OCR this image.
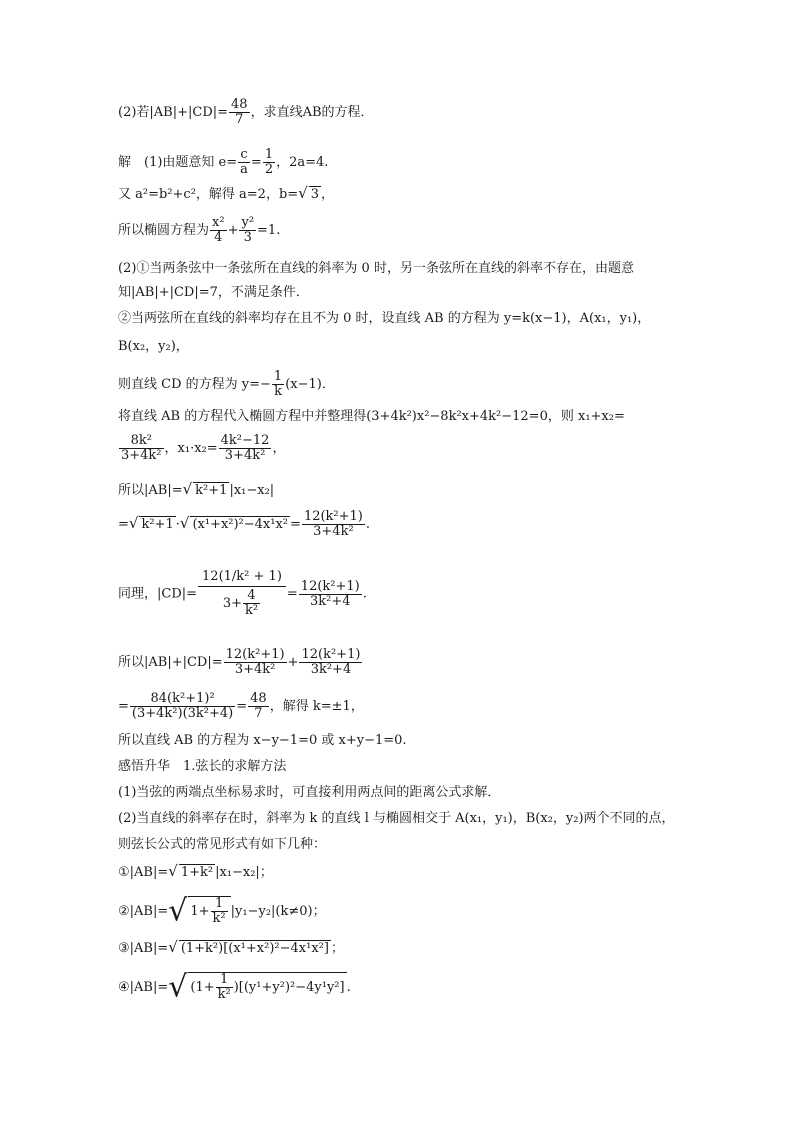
(2)若$|AB|+|CD|= \frac{48}{7}$ ，求直线AB的方程．
解　(1)由题意知 $e= \frac{c}{a} = \frac{1}{2}$ ，2a=4.
又 a²=b²+c²，解得 a=2，b=√ 3 ，
所以椭圆方程为 $\frac{\text{x²}}{4} + \frac{\text{y²}}{3} =1$.
(2)①当两条弦中一条弦所在直线的斜率为 0 时，另一条弦所在直线的斜率不存在，由题意
知|AB|+|CD|=7，不满足条件．
②当两弦所在直线的斜率均存在且不为 0 时，设直线 AB 的方程为 y=k(x−1)，A(x₁，y₁)，
B(x₂，y₂)，
则直线 CD 的方程为 $y=- \frac{1}{k} (x-1)$．
将直线 AB 的方程代入椭圆方程中并整理得(3+4k²)x²−8k²x+4k²−12=0，则 x₁+x₂=
$\frac{\text{8k²}}{\text{3+4k²}}$ ，$x_1\cdot x_2= \frac{\text{4k²−12}}{\text{3+4k²}}$ ，
所以|AB|=√ k²+1 |x₁−x₂|
=√ k²+1 ·√ $(x^1+x^2)^2-4x^1x^2 = \frac{\text{12(k²+1)}}{\text{3+4k²}}$ .
同理，$|CD|= \frac{\text{12(1/k² + 1)}}{3+ \frac{4}{\text{k²}}} = \frac{\text{12(k²+1)}}{\text{3k²+4}}$ .
所以$|AB|+|CD|= \frac{\text{12(k²+1)}}{\text{3+4k²}} + \frac{\text{12(k²+1)}}{\text{3k²+4}}$
= $\frac{\text{84(k²+1)²}}{\text{(3+4k²)(3k²+4)}} = \frac{48}{7}$ ，解得 k=±1，
所以直线 AB 的方程为 x−y−1=0 或 x+y−1=0.
感悟升华　1.弦长的求解方法
(1)当弦的两端点坐标易求时，可直接利用两点间的距离公式求解．
(2)当直线的斜率存在时，斜率为 k 的直线 l 与椭圆相交于 A(x₁，y₁)，B(x₂，y₂)两个不同的点，
则弦长公式的常见形式有如下几种：
①|AB|=√ 1+k² |x₁−x₂|；
②|AB|=√ $1+ \frac{1}{\text{k²}} |y_1-y_2|(k\ne 0)$；
③|AB|=√ (1+k²)[(x¹+x²)²−4x¹x²] ；
④|AB|=√ $(1+ \frac{1}{\text{k²}} )[(y^1+y^2)^2-4y^1y^2]$ .
